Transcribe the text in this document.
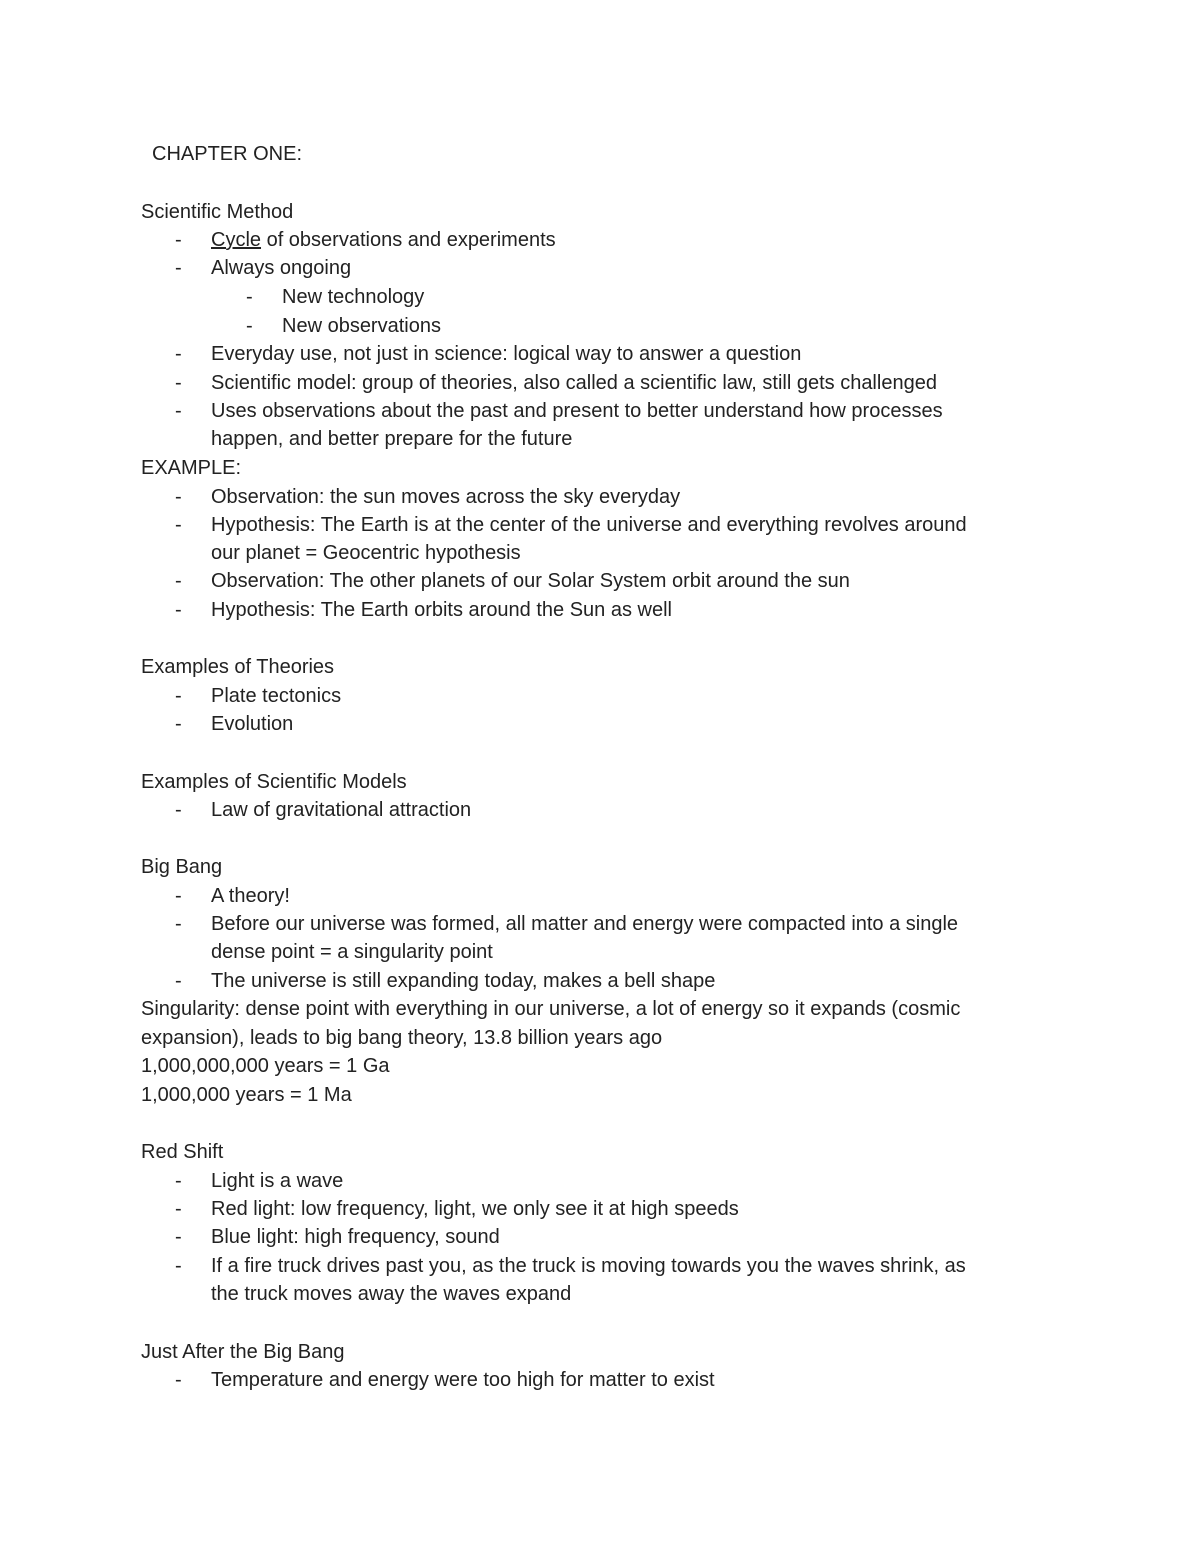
CHAPTER ONE:
Scientific Method
- Cycle of observations and experiments
- Always ongoing
- New technology
- New observations
- Everyday use, not just in science: logical way to answer a question
- Scientific model: group of theories, also called a scientific law, still gets challenged
- Uses observations about the past and present to better understand how processes
happen, and better prepare for the future
EXAMPLE:
- Observation: the sun moves across the sky everyday
- Hypothesis: The Earth is at the center of the universe and everything revolves around
our planet = Geocentric hypothesis
- Observation: The other planets of our Solar System orbit around the sun
- Hypothesis: The Earth orbits around the Sun as well
Examples of Theories
- Plate tectonics
- Evolution
Examples of Scientific Models
- Law of gravitational attraction
Big Bang
- A theory!
- Before our universe was formed, all matter and energy were compacted into a single
dense point = a singularity point
- The universe is still expanding today, makes a bell shape
Singularity: dense point with everything in our universe, a lot of energy so it expands (cosmic
expansion), leads to big bang theory, 13.8 billion years ago
1,000,000,000 years = 1 Ga
1,000,000 years = 1 Ma
Red Shift
- Light is a wave
- Red light: low frequency, light, we only see it at high speeds
- Blue light: high frequency, sound
- If a fire truck drives past you, as the truck is moving towards you the waves shrink, as
the truck moves away the waves expand
Just After the Big Bang
- Temperature and energy were too high for matter to exist
